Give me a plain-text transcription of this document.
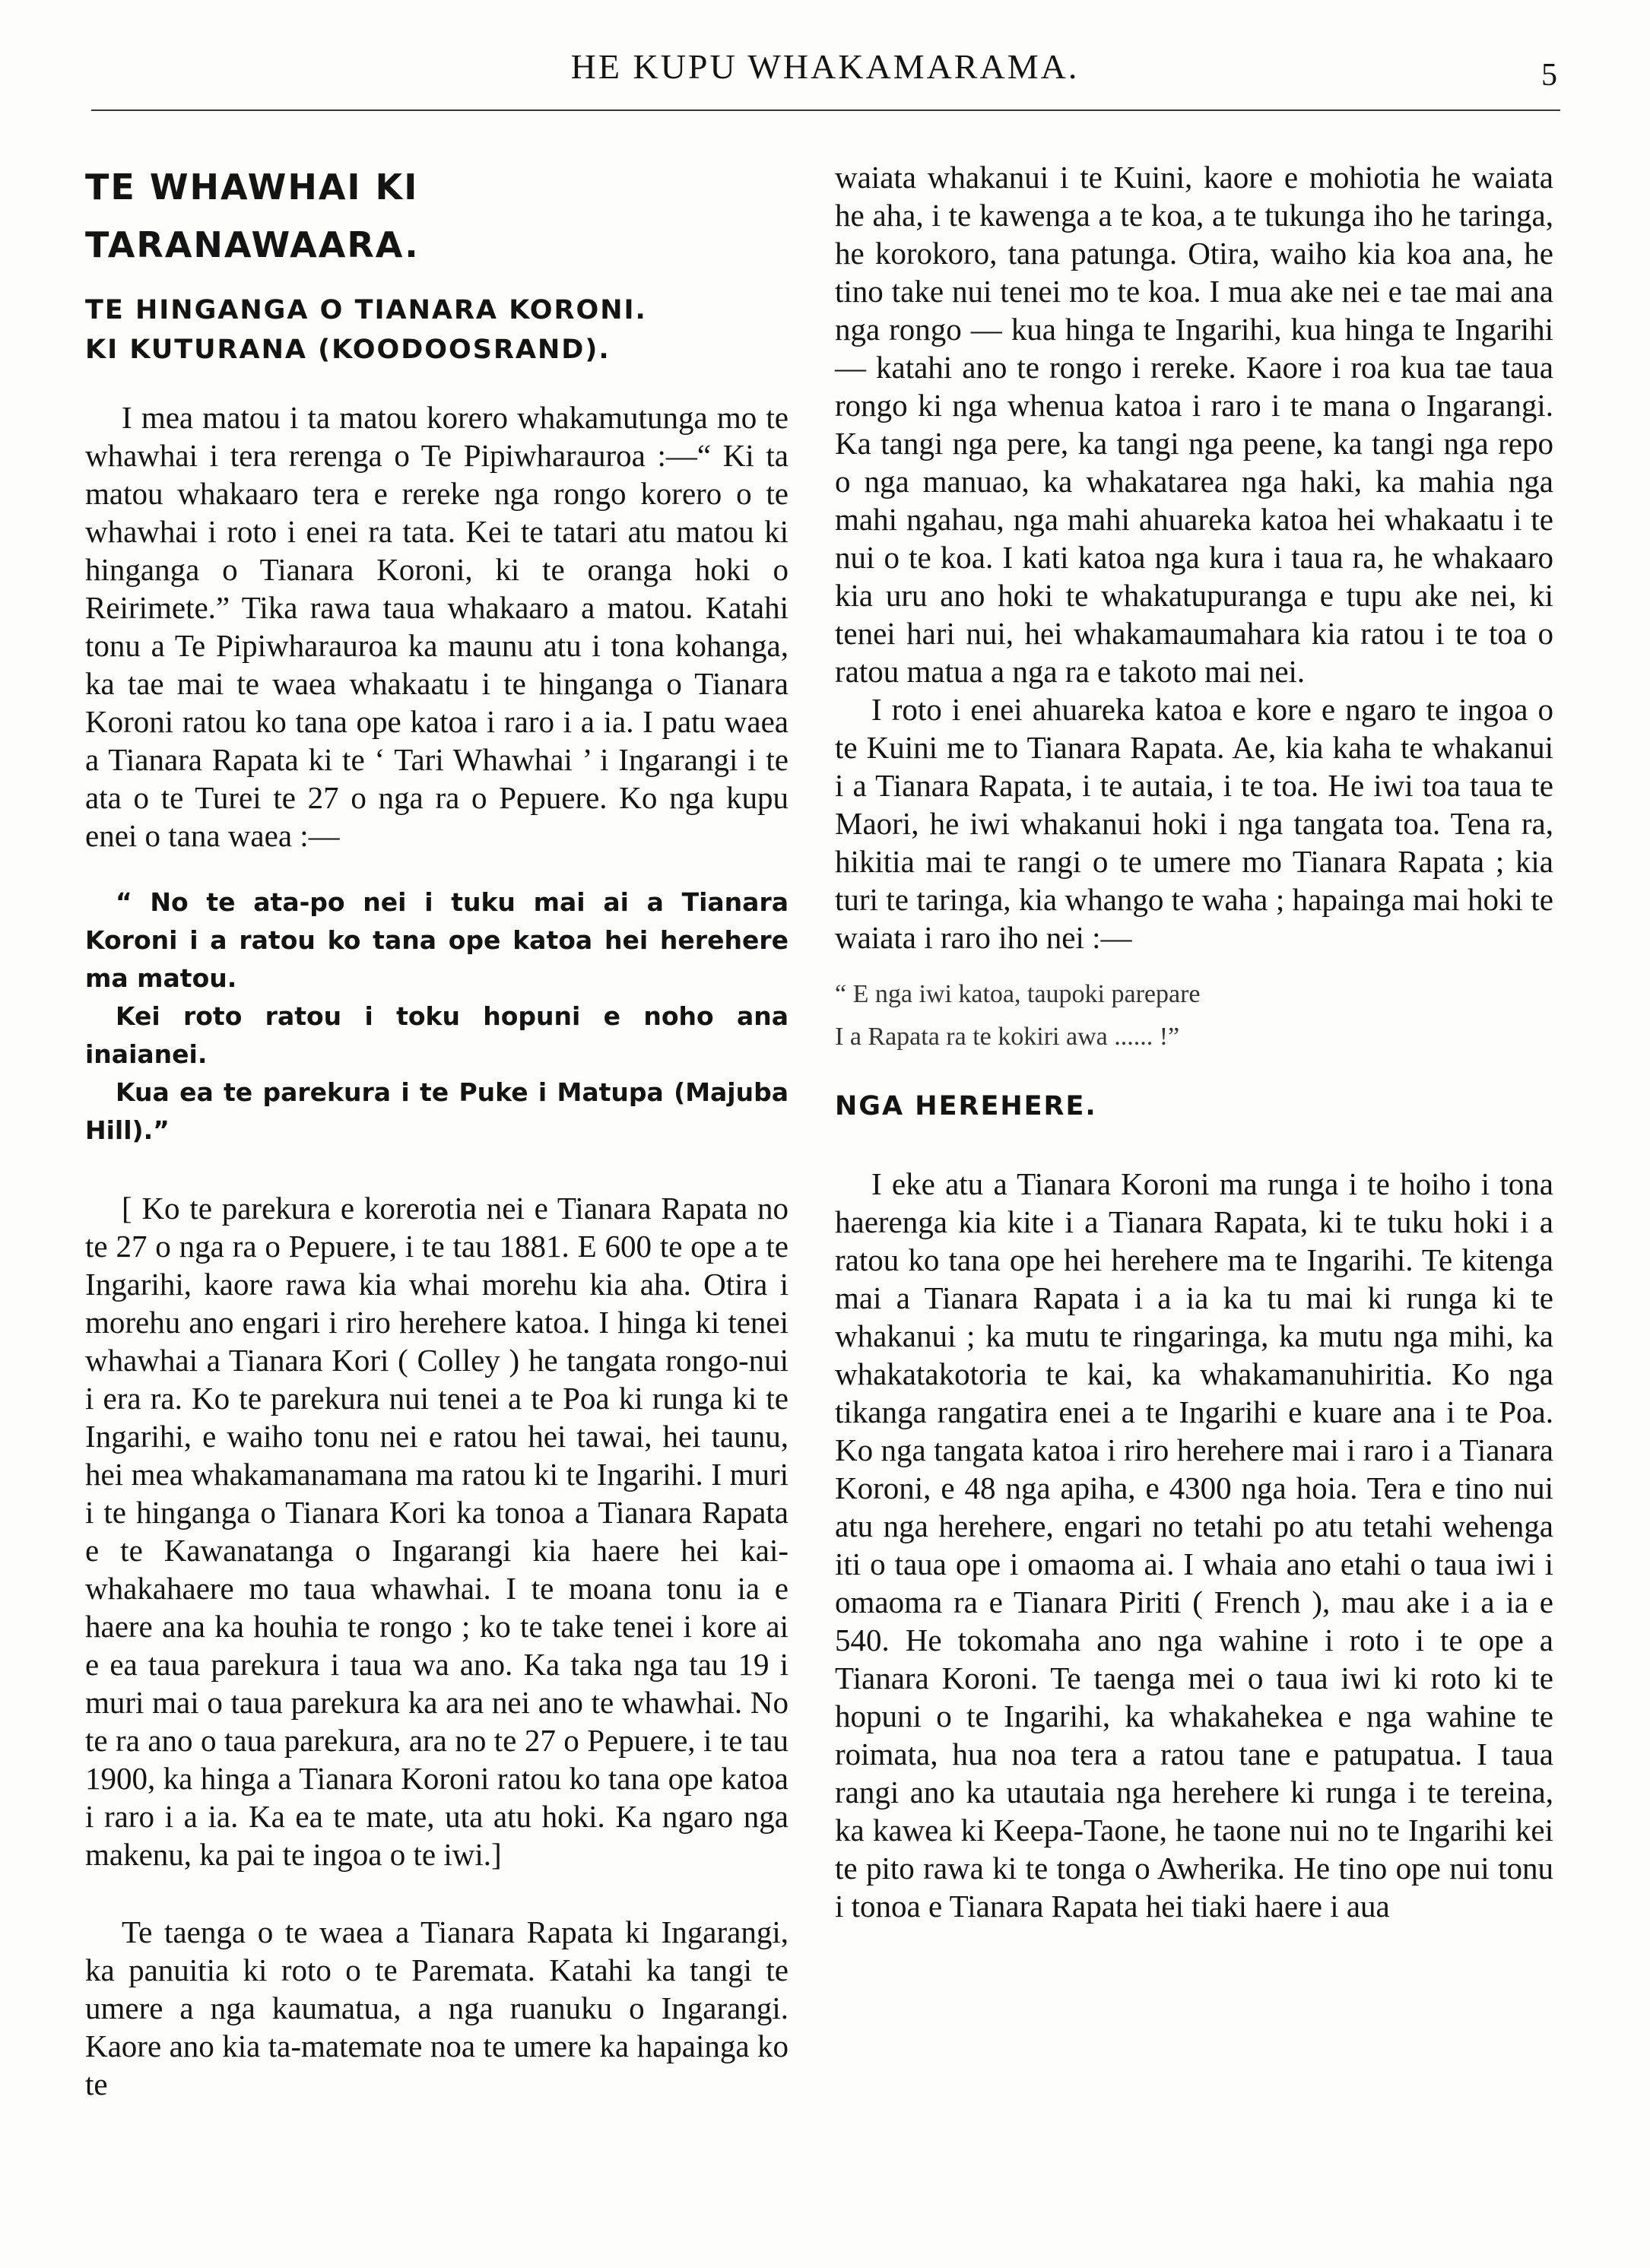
HE KUPU WHAKAMARAMA.	5

TE WHAWHAI KI

TARANAWAARA.

TE HINGANGA O TIANARA KORONI.

KI KUTURANA (KOODOOSRAND).

I mea matou i ta matou korero whakamutunga mo te whawhai i tera rerenga o Te Pipiwharauroa :—“ Ki ta matou whakaaro tera e rereke nga rongo korero o te whawhai i roto i enei ra tata. Kei te tatari atu matou ki hinganga o Tianara Koroni, ki te oranga hoki o Reirimete.” Tika rawa taua whakaaro a matou. Katahi tonu a Te Pipiwharauroa ka maunu atu i tona kohanga, ka tae mai te waea whakaatu i te hinganga o Tianara Koroni ratou ko tana ope katoa i raro i a ia. I patu waea a Tianara Rapata ki te ‘ Tari Whawhai ’ i Ingarangi i te ata o te Turei te 27 o nga ra o Pepuere. Ko nga kupu enei o tana waea :—

“ No te ata-po nei i tuku mai ai a Tianara Koroni i a ratou ko tana ope katoa hei herehere ma matou.

Kei roto ratou i toku hopuni e noho ana inaianei.

Kua ea te parekura i te Puke i Matupa (Majuba Hill).”

[ Ko te parekura e korerotia nei e Tianara Rapata no te 27 o nga ra o Pepuere, i te tau 1881. E 600 te ope a te Ingarihi, kaore rawa kia whai morehu kia aha. Otira i morehu ano engari i riro herehere katoa. I hinga ki tenei whawhai a Tianara Kori ( Colley ) he tangata rongo-nui i era ra. Ko te parekura nui tenei a te Poa ki runga ki te Ingarihi, e waiho tonu nei e ratou hei tawai, hei taunu, hei mea whakamanamana ma ratou ki te Ingarihi. I muri i te hinganga o Tianara Kori ka tonoa a Tianara Rapata e te Kawanatanga o Ingarangi kia haere hei kai-whakahaere mo taua whawhai. I te moana tonu ia e haere ana ka houhia te rongo ; ko te take tenei i kore ai e ea taua parekura i taua wa ano. Ka taka nga tau 19 i muri mai o taua parekura ka ara nei ano te whawhai. No te ra ano o taua parekura, ara no te 27 o Pepuere, i te tau 1900, ka hinga a Tianara Koroni ratou ko tana ope katoa i raro i a ia. Ka ea te mate, uta atu hoki. Ka ngaro nga makenu, ka pai te ingoa o te iwi.]

Te taenga o te waea a Tianara Rapata ki Ingarangi, ka panuitia ki roto o te Paremata. Katahi ka tangi te umere a nga kaumatua, a nga ruanuku o Ingarangi. Kaore ano kia ta-matemate noa te umere ka hapainga ko te

waiata whakanui i te Kuini, kaore e mohiotia he waiata he aha, i te kawenga a te koa, a te tukunga iho he taringa, he korokoro, tana patunga. Otira, waiho kia koa ana, he tino take nui tenei mo te koa. I mua ake nei e tae mai ana nga rongo — kua hinga te Ingarihi, kua hinga te Ingarihi — katahi ano te rongo i rereke. Kaore i roa kua tae taua rongo ki nga whenua katoa i raro i te mana o Ingarangi. Ka tangi nga pere, ka tangi nga peene, ka tangi nga repo o nga manuao, ka whakatarea nga haki, ka mahia nga mahi ngahau, nga mahi ahuareka katoa hei whakaatu i te nui o te koa. I kati katoa nga kura i taua ra, he whakaaro kia uru ano hoki te whakatupuranga e tupu ake nei, ki tenei hari nui, hei whakamaumahara kia ratou i te toa o ratou matua a nga ra e takoto mai nei.

I roto i enei ahuareka katoa e kore e ngaro te ingoa o te Kuini me to Tianara Rapata. Ae, kia kaha te whakanui i a Tianara Rapata, i te autaia, i te toa. He iwi toa taua te Maori, he iwi whakanui hoki i nga tangata toa. Tena ra, hikitia mai te rangi o te umere mo Tianara Rapata ; kia turi te taringa, kia whango te waha ; hapainga mai hoki te waiata i raro iho nei :—

“ E nga iwi katoa, taupoki parepare

I a Rapata ra te kokiri awa ...... !”

NGA HEREHERE.

I eke atu a Tianara Koroni ma runga i te hoiho i tona haerenga kia kite i a Tianara Rapata, ki te tuku hoki i a ratou ko tana ope hei herehere ma te Ingarihi. Te kitenga mai a Tianara Rapata i a ia ka tu mai ki runga ki te whakanui ; ka mutu te ringaringa, ka mutu nga mihi, ka whakatakotoria te kai, ka whakamanuhiritia. Ko nga tikanga rangatira enei a te Ingarihi e kuare ana i te Poa. Ko nga tangata katoa i riro herehere mai i raro i a Tianara Koroni, e 48 nga apiha, e 4300 nga hoia. Tera e tino nui atu nga herehere, engari no tetahi po atu tetahi wehenga iti o taua ope i omaoma ai. I whaia ano etahi o taua iwi i omaoma ra e Tianara Piriti ( French ), mau ake i a ia e 540. He tokomaha ano nga wahine i roto i te ope a Tianara Koroni. Te taenga mei o taua iwi ki roto ki te hopuni o te Ingarihi, ka whakahekea e nga wahine te roimata, hua noa tera a ratou tane e patupatua. I taua rangi ano ka utautaia nga herehere ki runga i te tereina, ka kawea ki Keepa-Taone, he taone nui no te Ingarihi kei te pito rawa ki te tonga o Awherika. He tino ope nui tonu i tonoa e Tianara Rapata hei tiaki haere i aua
